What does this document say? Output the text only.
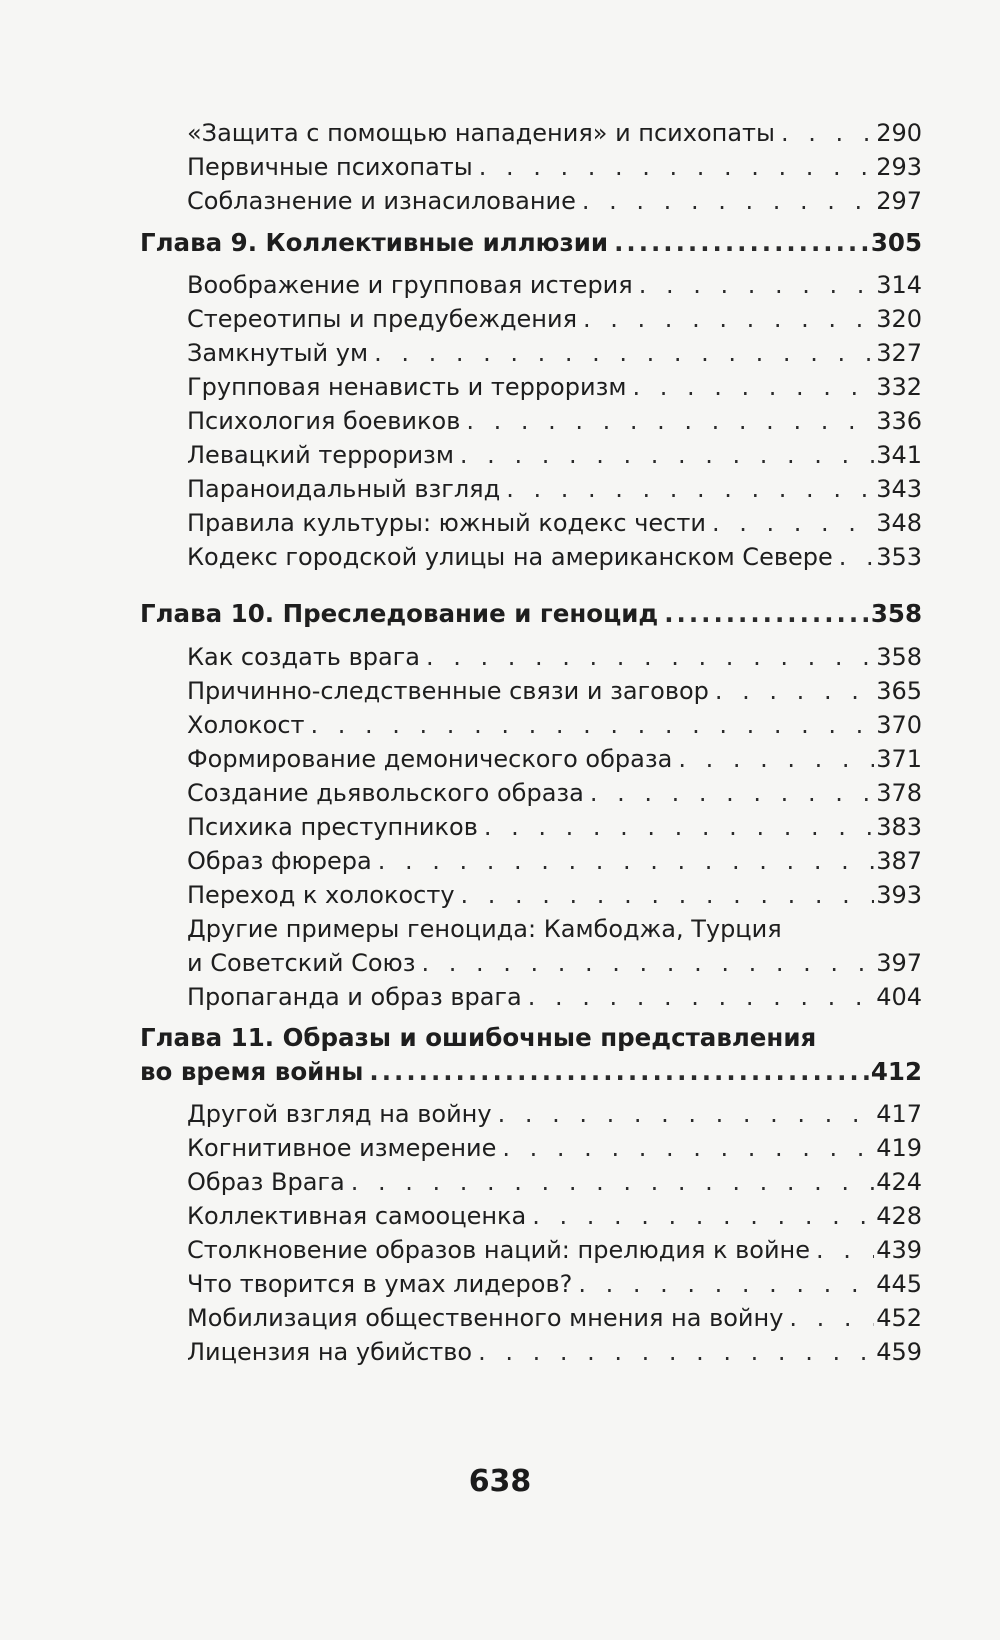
«Защита с помощью нападения» и психопаты . . .	290
Первичные психопаты . . .	293
Соблазнение и изнасилование . . .	297
Глава 9. Коллективные иллюзии .....	305
Воображение и групповая истерия . . .	314
Стереотипы и предубеждения . . .	320
Замкнутый ум . . .	327
Групповая ненависть и терроризм . . .	332
Психология боевиков . . .	336
Левацкий терроризм . . .	341
Параноидальный взгляд . . .	343
Правила культуры: южный кодекс чести . . .	348
Кодекс городской улицы на американском Севере . . . 353
Глава 10. Преследование и геноцид .....	358
Как создать врага . . .	358
Причинно-следственные связи и заговор . . .	365
Холокост . . .	370
Формирование демонического образа . . .	371
Создание дьявольского образа . . .	378
Психика преступников . . .	383
Образ фюрера . . .	387
Переход к холокосту . . .	393
Другие примеры геноцида: Камбоджа, Турция
и Советский Союз . . .	397
Пропаганда и образ врага . . .	404
Глава 11. Образы и ошибочные представления
во время войны .....	412
Другой взгляд на войну . . .	417
Когнитивное измерение . . .	419
Образ Врага . . .	424
Коллективная самооценка . . .	428
Столкновение образов наций: прелюдия к войне . . .	439
Что творится в умах лидеров? . . .	445
Мобилизация общественного мнения на войну . . .	452
Лицензия на убийство . . .	459
638
